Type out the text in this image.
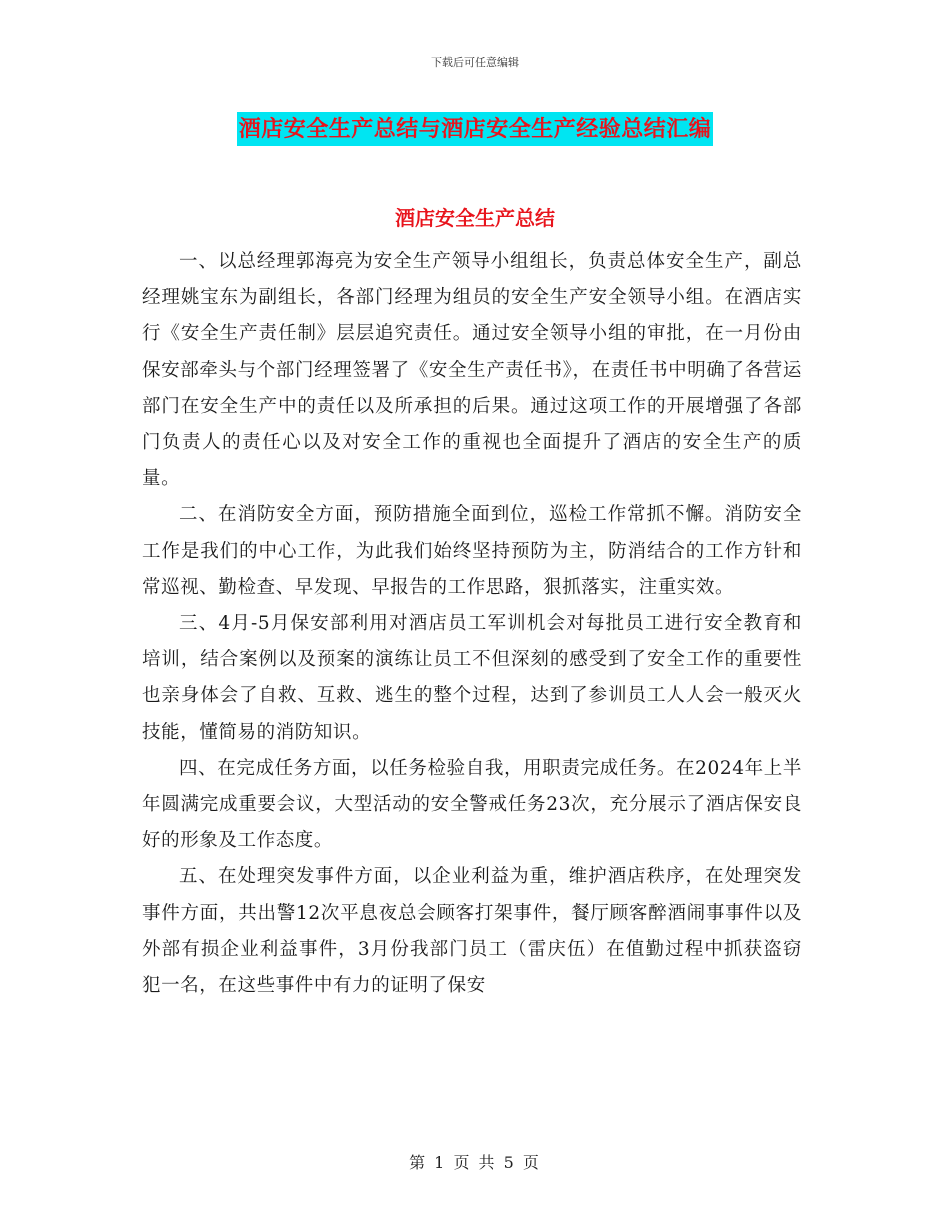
下载后可任意编辑
酒店安全生产总结与酒店安全生产经验总结汇编
酒店安全生产总结

一、以总经理郭海亮为安全生产领导小组组长，负责总体安全生产，副总经理姚宝东为副组长，各部门经理为组员的安全生产安全领导小组。在酒店实行《安全生产责任制》层层追究责任。通过安全领导小组的审批，在一月份由保安部牵头与个部门经理签署了《安全生产责任书》，在责任书中明确了各营运部门在安全生产中的责任以及所承担的后果。通过这项工作的开展增强了各部门负责人的责任心以及对安全工作的重视也全面提升了酒店的安全生产的质量。

二、在消防安全方面，预防措施全面到位，巡检工作常抓不懈。消防安全工作是我们的中心工作，为此我们始终坚持预防为主，防消结合的工作方针和常巡视、勤检查、早发现、早报告的工作思路，狠抓落实，注重实效。

三、4月-5月保安部利用对酒店员工军训机会对每批员工进行安全教育和培训，结合案例以及预案的演练让员工不但深刻的感受到了安全工作的重要性也亲身体会了自救、互救、逃生的整个过程，达到了参训员工人人会一般灭火技能，懂简易的消防知识。

四、在完成任务方面，以任务检验自我，用职责完成任务。在2024年上半年圆满完成重要会议，大型活动的安全警戒任务23次，充分展示了酒店保安良好的形象及工作态度。

五、在处理突发事件方面，以企业利益为重，维护酒店秩序，在处理突发事件方面，共出警12次平息夜总会顾客打架事件，餐厅顾客醉酒闹事事件以及外部有损企业利益事件，3月份我部门员工（雷庆伍）在值勤过程中抓获盗窃犯一名，在这些事件中有力的证明了保安

第 1 页 共 5 页
